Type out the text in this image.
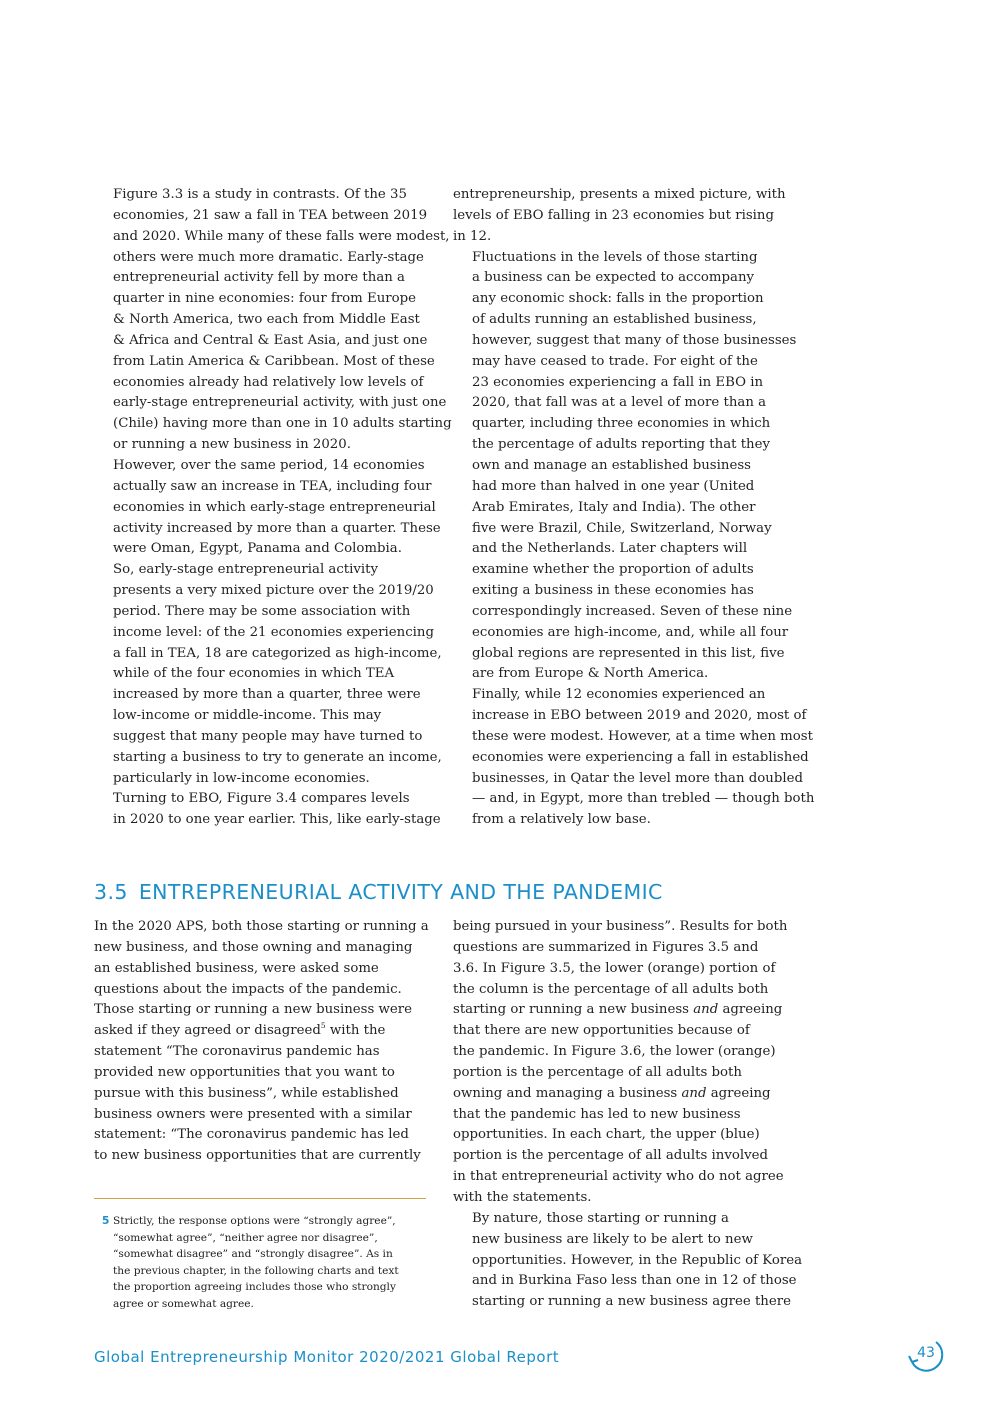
Figure 3.3 is a study in contrasts. Of the 35
economies, 21 saw a fall in TEA between 2019
and 2020. While many of these falls were modest,
others were much more dramatic. Early-stage
entrepreneurial activity fell by more than a
quarter in nine economies: four from Europe
& North America, two each from Middle East
& Africa and Central & East Asia, and just one
from Latin America & Caribbean. Most of these
economies already had relatively low levels of
early-stage entrepreneurial activity, with just one
(Chile) having more than one in 10 adults starting
or running a new business in 2020.

However, over the same period, 14 economies
actually saw an increase in TEA, including four
economies in which early-stage entrepreneurial
activity increased by more than a quarter. These
were Oman, Egypt, Panama and Colombia.

So, early-stage entrepreneurial activity
presents a very mixed picture over the 2019/20
period. There may be some association with
income level: of the 21 economies experiencing
a fall in TEA, 18 are categorized as high-income,
while of the four economies in which TEA
increased by more than a quarter, three were
low-income or middle-income. This may
suggest that many people may have turned to
starting a business to try to generate an income,
particularly in low-income economies.

Turning to EBO, Figure 3.4 compares levels
in 2020 to one year earlier. This, like early-stage

entrepreneurship, presents a mixed picture, with
levels of EBO falling in 23 economies but rising
in 12.

Fluctuations in the levels of those starting
a business can be expected to accompany
any economic shock: falls in the proportion
of adults running an established business,
however, suggest that many of those businesses
may have ceased to trade. For eight of the
23 economies experiencing a fall in EBO in
2020, that fall was at a level of more than a
quarter, including three economies in which
the percentage of adults reporting that they
own and manage an established business
had more than halved in one year (United
Arab Emirates, Italy and India). The other
five were Brazil, Chile, Switzerland, Norway
and the Netherlands. Later chapters will
examine whether the proportion of adults
exiting a business in these economies has
correspondingly increased. Seven of these nine
economies are high-income, and, while all four
global regions are represented in this list, five
are from Europe & North America.

Finally, while 12 economies experienced an
increase in EBO between 2019 and 2020, most of
these were modest. However, at a time when most
economies were experiencing a fall in established
businesses, in Qatar the level more than doubled
— and, in Egypt, more than trebled — though both
from a relatively low base.

3.5 ENTREPRENEURIAL ACTIVITY AND THE PANDEMIC

In the 2020 APS, both those starting or running a
new business, and those owning and managing
an established business, were asked some
questions about the impacts of the pandemic.
Those starting or running a new business were
asked if they agreed or disagreed$^5$ with the
statement “The coronavirus pandemic has
provided new opportunities that you want to
pursue with this business”, while established
business owners were presented with a similar
statement: “The coronavirus pandemic has led
to new business opportunities that are currently

being pursued in your business”. Results for both
questions are summarized in Figures 3.5 and
3.6. In Figure 3.5, the lower (orange) portion of
the column is the percentage of all adults both
starting or running a new business and agreeing
that there are new opportunities because of
the pandemic. In Figure 3.6, the lower (orange)
portion is the percentage of all adults both
owning and managing a business and agreeing
that the pandemic has led to new business
opportunities. In each chart, the upper (blue)
portion is the percentage of all adults involved
in that entrepreneurial activity who do not agree
with the statements.

By nature, those starting or running a
new business are likely to be alert to new
opportunities. However, in the Republic of Korea
and in Burkina Faso less than one in 12 of those
starting or running a new business agree there

5 Strictly, the response options were “strongly agree”,
“somewhat agree”, “neither agree nor disagree”,
“somewhat disagree” and “strongly disagree”. As in
the previous chapter, in the following charts and text
the proportion agreeing includes those who strongly
agree or somewhat agree.
Global Entrepreneurship Monitor 2020/2021 Global Report	43
